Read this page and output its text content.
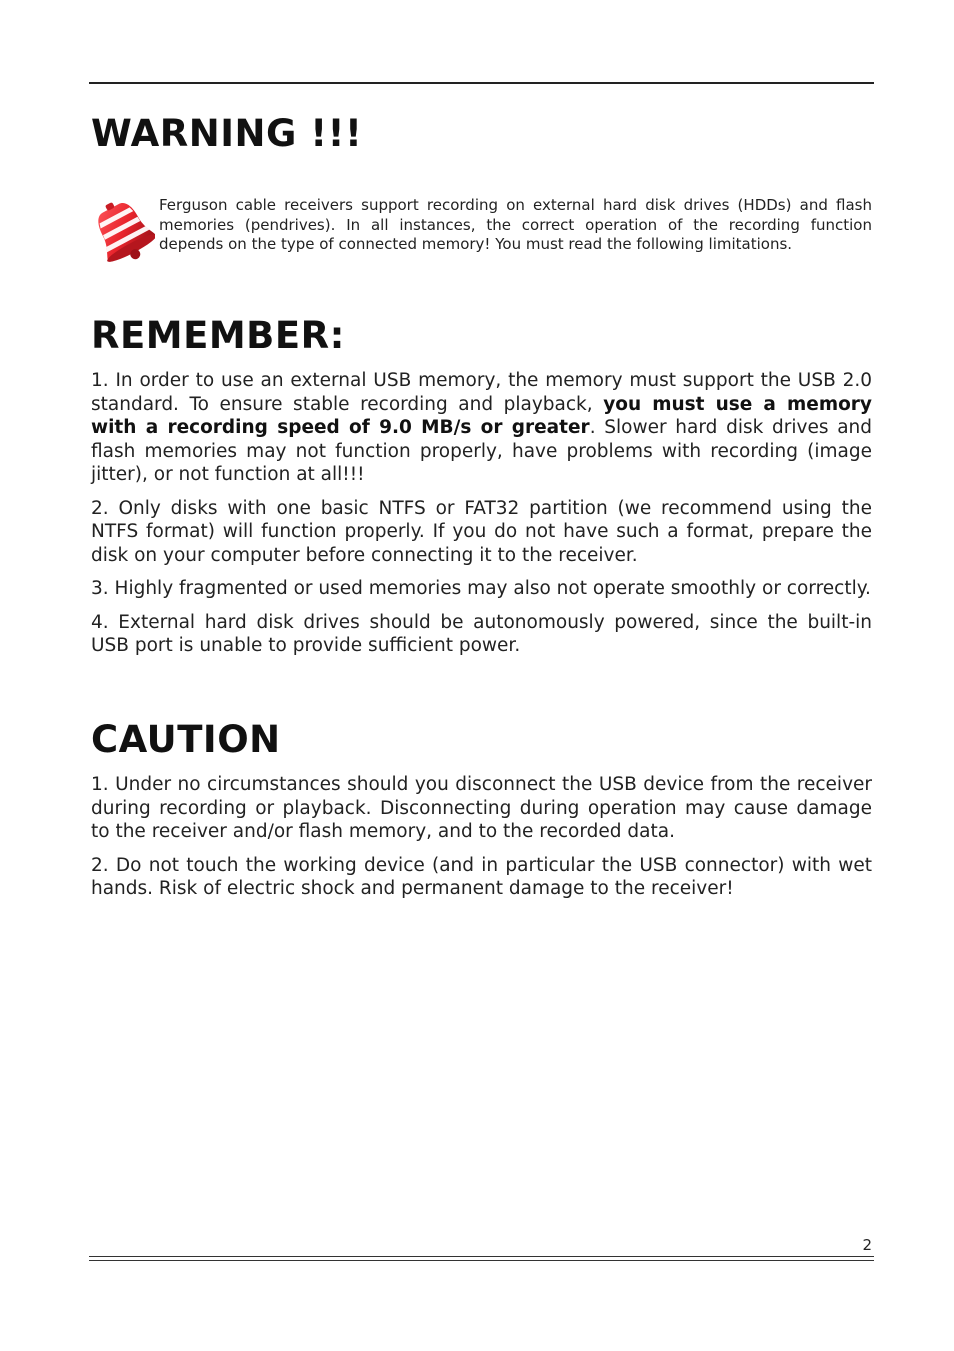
WARNING !!!

Ferguson cable receivers support recording on external hard disk drives (HDDs) and flash memories (pendrives). In all instances, the correct operation of the recording function depends on the type of connected memory! You must read the following limitations.

REMEMBER:

1. In order to use an external USB memory, the memory must support the USB 2.0 standard. To ensure stable recording and playback, you must use a memory with a recording speed of 9.0 MB/s or greater. Slower hard disk drives and flash memories may not function properly, have problems with recording (image jitter), or not function at all!!!

2. Only disks with one basic NTFS or FAT32 partition (we recommend using the NTFS format) will function properly. If you do not have such a format, prepare the disk on your computer before connecting it to the receiver.

3. Highly fragmented or used memories may also not operate smoothly or correctly.

4. External hard disk drives should be autonomously powered, since the built-in USB port is unable to provide sufficient power.

CAUTION

1. Under no circumstances should you disconnect the USB device from the receiver during recording or playback. Disconnecting during operation may cause damage to the receiver and/or flash memory, and to the recorded data.

2. Do not touch the working device (and in particular the USB connector) with wet hands. Risk of electric shock and permanent damage to the receiver!

2
